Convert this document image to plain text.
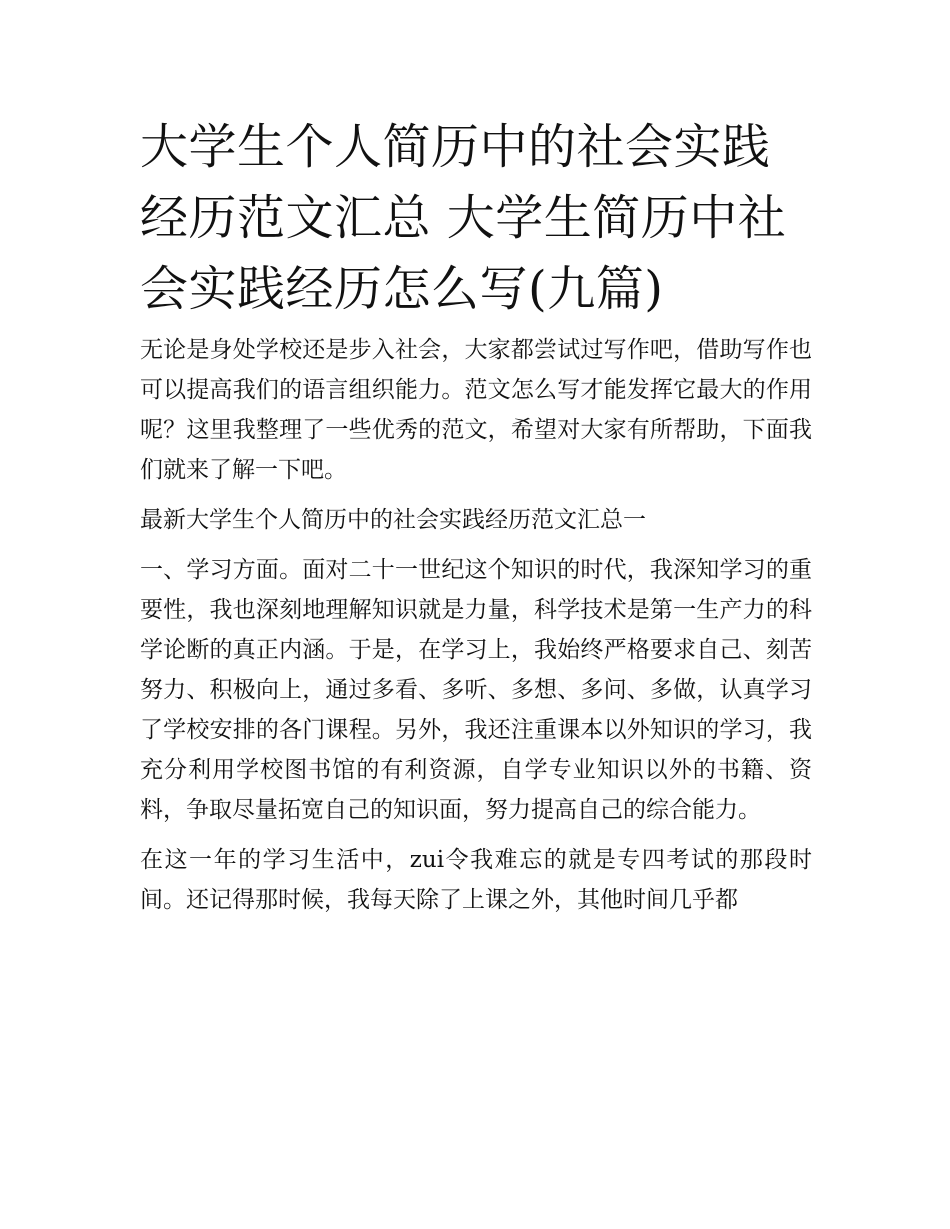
大学生个人简历中的社会实践经历范文汇总 大学生简历中社会实践经历怎么写(九篇)

无论是身处学校还是步入社会，大家都尝试过写作吧，借助写作也可以提高我们的语言组织能力。范文怎么写才能发挥它最大的作用呢？这里我整理了一些优秀的范文，希望对大家有所帮助，下面我们就来了解一下吧。

最新大学生个人简历中的社会实践经历范文汇总一

一、学习方面。面对二十一世纪这个知识的时代，我深知学习的重要性，我也深刻地理解知识就是力量，科学技术是第一生产力的科学论断的真正内涵。于是，在学习上，我始终严格要求自己、刻苦努力、积极向上，通过多看、多听、多想、多问、多做，认真学习了学校安排的各门课程。另外，我还注重课本以外知识的学习，我充分利用学校图书馆的有利资源，自学专业知识以外的书籍、资料，争取尽量拓宽自己的知识面，努力提高自己的综合能力。

在这一年的学习生活中，zui令我难忘的就是专四考试的那段时间。还记得那时候，我每天除了上课之外，其他时间几乎都
